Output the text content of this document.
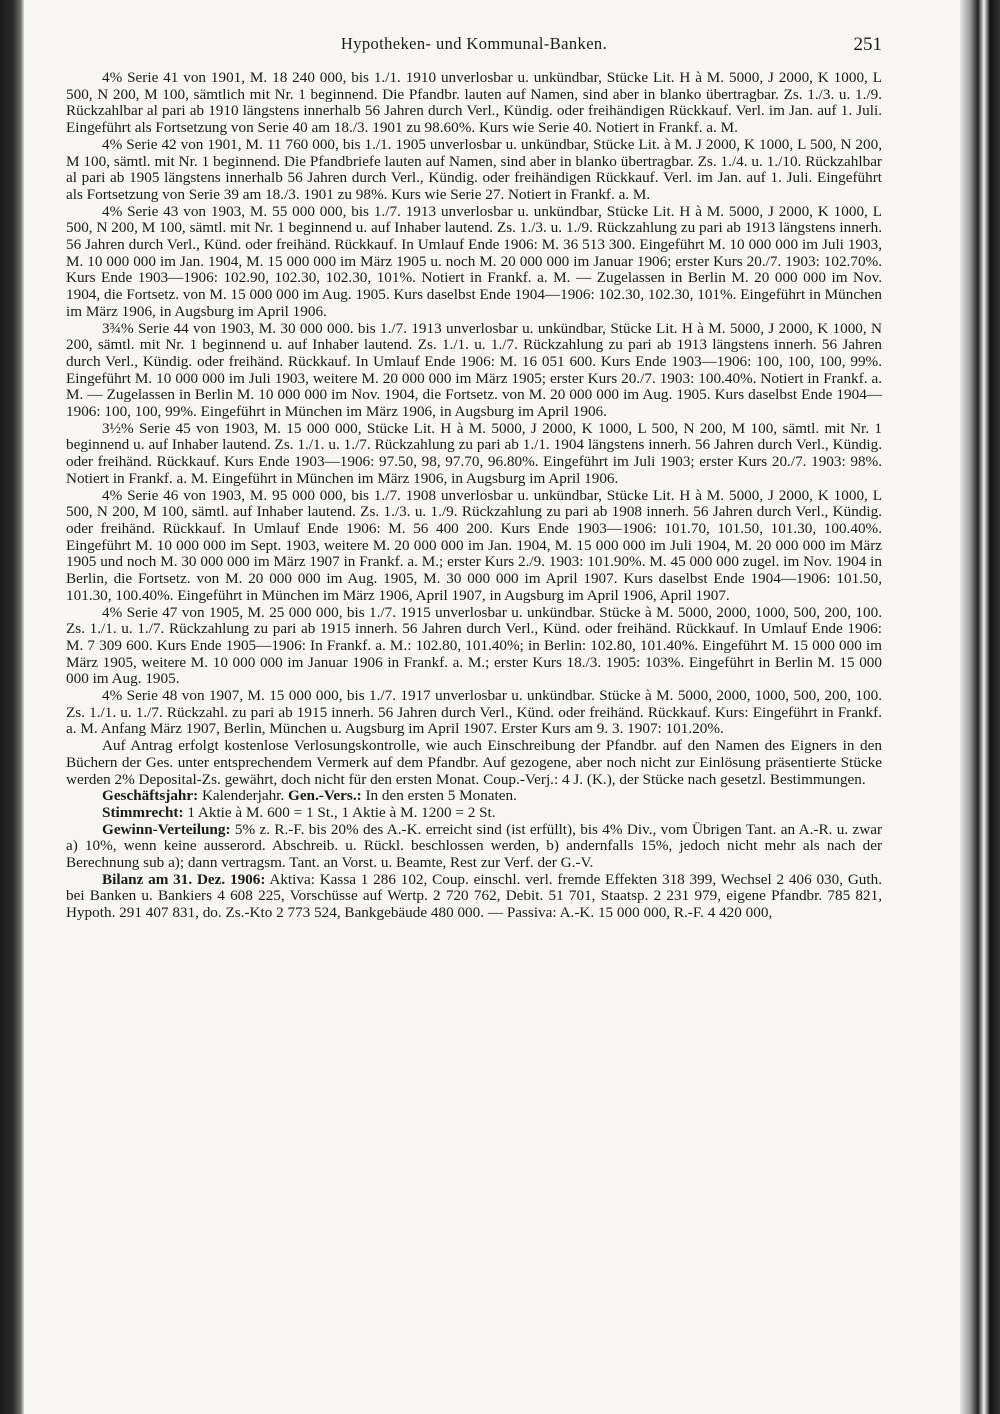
Hypotheken- und Kommunal-Banken.	251

4% Serie 41 von 1901, M. 18 240 000, bis 1./1. 1910 unverlosbar u. unkündbar, Stücke Lit. H à M. 5000, J 2000, K 1000, L 500, N 200, M 100, sämtlich mit Nr. 1 beginnend. Die Pfandbr. lauten auf Namen, sind aber in blanko übertragbar. Zs. 1./3. u. 1./9. Rückzahlbar al pari ab 1910 längstens innerhalb 56 Jahren durch Verl., Kündig. oder freihändigen Rückkauf. Verl. im Jan. auf 1. Juli. Eingeführt als Fortsetzung von Serie 40 am 18./3. 1901 zu 98.60%. Kurs wie Serie 40. Notiert in Frankf. a. M.

4% Serie 42 von 1901, M. 11 760 000, bis 1./1. 1905 unverlosbar u. unkündbar, Stücke Lit. à M. J 2000, K 1000, L 500, N 200, M 100, sämtl. mit Nr. 1 beginnend. Die Pfandbriefe lauten auf Namen, sind aber in blanko übertragbar. Zs. 1./4. u. 1./10. Rückzahlbar al pari ab 1905 längstens innerhalb 56 Jahren durch Verl., Kündig. oder freihändigen Rückkauf. Verl. im Jan. auf 1. Juli. Eingeführt als Fortsetzung von Serie 39 am 18./3. 1901 zu 98%. Kurs wie Serie 27. Notiert in Frankf. a. M.

4% Serie 43 von 1903, M. 55 000 000, bis 1./7. 1913 unverlosbar u. unkündbar, Stücke Lit. H à M. 5000, J 2000, K 1000, L 500, N 200, M 100, sämtl. mit Nr. 1 beginnend u. auf Inhaber lautend. Zs. 1./3. u. 1./9. Rückzahlung zu pari ab 1913 längstens innerh. 56 Jahren durch Verl., Künd. oder freihänd. Rückkauf. In Umlauf Ende 1906: M. 36 513 300. Eingeführt M. 10 000 000 im Juli 1903, M. 10 000 000 im Jan. 1904, M. 15 000 000 im März 1905 u. noch M. 20 000 000 im Januar 1906; erster Kurs 20./7. 1903: 102.70%. Kurs Ende 1903—1906: 102.90, 102.30, 102.30, 101%. Notiert in Frankf. a. M. — Zugelassen in Berlin M. 20 000 000 im Nov. 1904, die Fortsetz. von M. 15 000 000 im Aug. 1905. Kurs daselbst Ende 1904—1906: 102.30, 102.30, 101%. Eingeführt in München im März 1906, in Augsburg im April 1906.

3¾% Serie 44 von 1903, M. 30 000 000. bis 1./7. 1913 unverlosbar u. unkündbar, Stücke Lit. H à M. 5000, J 2000, K 1000, N 200, sämtl. mit Nr. 1 beginnend u. auf Inhaber lautend. Zs. 1./1. u. 1./7. Rückzahlung zu pari ab 1913 längstens innerh. 56 Jahren durch Verl., Kündig. oder freihänd. Rückkauf. In Umlauf Ende 1906: M. 16 051 600. Kurs Ende 1903—1906: 100, 100, 100, 99%. Eingeführt M. 10 000 000 im Juli 1903, weitere M. 20 000 000 im März 1905; erster Kurs 20./7. 1903: 100.40%. Notiert in Frankf. a. M. — Zugelassen in Berlin M. 10 000 000 im Nov. 1904, die Fortsetz. von M. 20 000 000 im Aug. 1905. Kurs daselbst Ende 1904—1906: 100, 100, 99%. Eingeführt in München im März 1906, in Augsburg im April 1906.

3½% Serie 45 von 1903, M. 15 000 000, Stücke Lit. H à M. 5000, J 2000, K 1000, L 500, N 200, M 100, sämtl. mit Nr. 1 beginnend u. auf Inhaber lautend. Zs. 1./1. u. 1./7. Rückzahlung zu pari ab 1./1. 1904 längstens innerh. 56 Jahren durch Verl., Kündig. oder freihänd. Rückkauf. Kurs Ende 1903—1906: 97.50, 98, 97.70, 96.80%. Eingeführt im Juli 1903; erster Kurs 20./7. 1903: 98%. Notiert in Frankf. a. M. Eingeführt in München im März 1906, in Augsburg im April 1906.

4% Serie 46 von 1903, M. 95 000 000, bis 1./7. 1908 unverlosbar u. unkündbar, Stücke Lit. H à M. 5000, J 2000, K 1000, L 500, N 200, M 100, sämtl. auf Inhaber lautend. Zs. 1./3. u. 1./9. Rückzahlung zu pari ab 1908 innerh. 56 Jahren durch Verl., Kündig. oder freihänd. Rückkauf. In Umlauf Ende 1906: M. 56 400 200. Kurs Ende 1903—1906: 101.70, 101.50, 101.30, 100.40%. Eingeführt M. 10 000 000 im Sept. 1903, weitere M. 20 000 000 im Jan. 1904, M. 15 000 000 im Juli 1904, M. 20 000 000 im März 1905 und noch M. 30 000 000 im März 1907 in Frankf. a. M.; erster Kurs 2./9. 1903: 101.90%. M. 45 000 000 zugel. im Nov. 1904 in Berlin, die Fortsetz. von M. 20 000 000 im Aug. 1905, M. 30 000 000 im April 1907. Kurs daselbst Ende 1904—1906: 101.50, 101.30, 100.40%. Eingeführt in München im März 1906, April 1907, in Augsburg im April 1906, April 1907.

4% Serie 47 von 1905, M. 25 000 000, bis 1./7. 1915 unverlosbar u. unkündbar. Stücke à M. 5000, 2000, 1000, 500, 200, 100. Zs. 1./1. u. 1./7. Rückzahlung zu pari ab 1915 innerh. 56 Jahren durch Verl., Künd. oder freihänd. Rückkauf. In Umlauf Ende 1906: M. 7 309 600. Kurs Ende 1905—1906: In Frankf. a. M.: 102.80, 101.40%; in Berlin: 102.80, 101.40%. Eingeführt M. 15 000 000 im März 1905, weitere M. 10 000 000 im Januar 1906 in Frankf. a. M.; erster Kurs 18./3. 1905: 103%. Eingeführt in Berlin M. 15 000 000 im Aug. 1905.

4% Serie 48 von 1907, M. 15 000 000, bis 1./7. 1917 unverlosbar u. unkündbar. Stücke à M. 5000, 2000, 1000, 500, 200, 100. Zs. 1./1. u. 1./7. Rückzahl. zu pari ab 1915 innerh. 56 Jahren durch Verl., Künd. oder freihänd. Rückkauf. Kurs: Eingeführt in Frankf. a. M. Anfang März 1907, Berlin, München u. Augsburg im April 1907. Erster Kurs am 9. 3. 1907: 101.20%.

Auf Antrag erfolgt kostenlose Verlosungskontrolle, wie auch Einschreibung der Pfandbr. auf den Namen des Eigners in den Büchern der Ges. unter entsprechendem Vermerk auf dem Pfandbr. Auf gezogene, aber noch nicht zur Einlösung präsentierte Stücke werden 2% Deposital-Zs. gewährt, doch nicht für den ersten Monat. Coup.-Verj.: 4 J. (K.), der Stücke nach gesetzl. Bestimmungen.

Geschäftsjahr: Kalenderjahr. Gen.-Vers.: In den ersten 5 Monaten.

Stimmrecht: 1 Aktie à M. 600 = 1 St., 1 Aktie à M. 1200 = 2 St.

Gewinn-Verteilung: 5% z. R.-F. bis 20% des A.-K. erreicht sind (ist erfüllt), bis 4% Div., vom Übrigen Tant. an A.-R. u. zwar a) 10%, wenn keine ausserord. Abschreib. u. Rückl. beschlossen werden, b) andernfalls 15%, jedoch nicht mehr als nach der Berechnung sub a); dann vertragsm. Tant. an Vorst. u. Beamte, Rest zur Verf. der G.-V.

Bilanz am 31. Dez. 1906: Aktiva: Kassa 1 286 102, Coup. einschl. verl. fremde Effekten 318 399, Wechsel 2 406 030, Guth. bei Banken u. Bankiers 4 608 225, Vorschüsse auf Wertp. 2 720 762, Debit. 51 701, Staatsp. 2 231 979, eigene Pfandbr. 785 821, Hypoth. 291 407 831, do. Zs.-Kto 2 773 524, Bankgebäude 480 000. — Passiva: A.-K. 15 000 000, R.-F. 4 420 000,
